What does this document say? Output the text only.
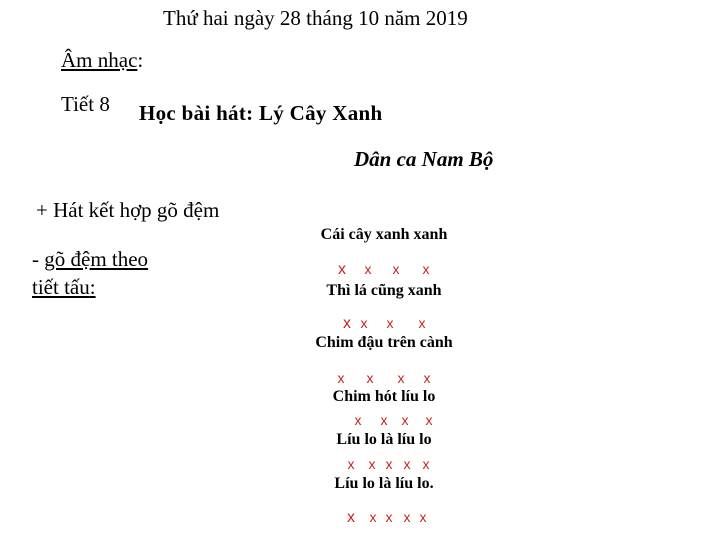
Thứ hai ngày 28 tháng 10 năm 2019
Âm nhạc:
Tiết 8 Học bài hát: Lý Cây Xanh
Dân ca Nam Bộ
+ Hát kết hợp gõ đệm
- gõ đệm theo
tiết tấu:
Cái cây xanh xanh
Thì lá cũng xanh
Chim đậu trên cành
Chim hót líu lo
Líu lo là líu lo
Líu lo là líu lo.
x x x x
x x x x
x x x x
x x x x
x x x x x
x x x x x
